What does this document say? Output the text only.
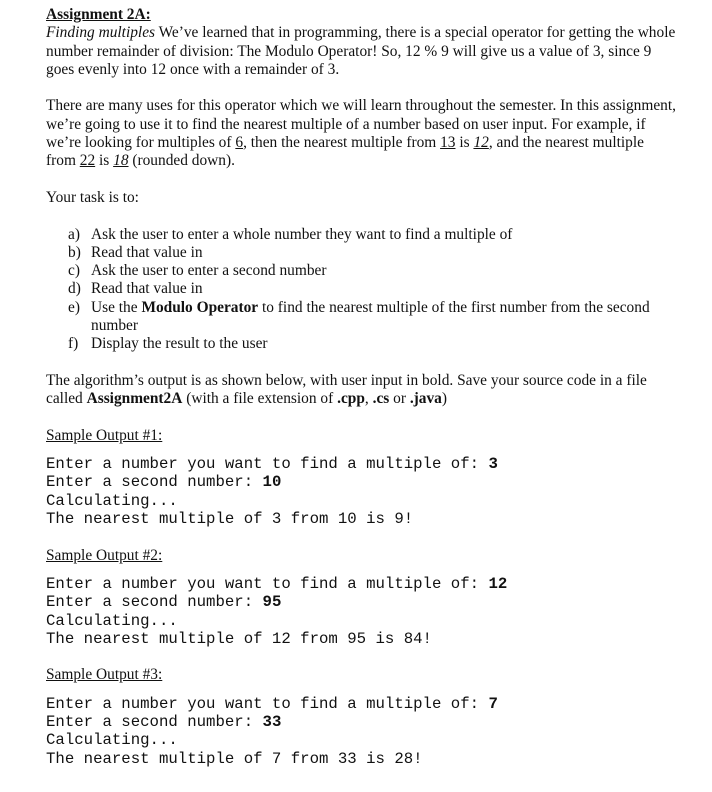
Assignment 2A:

Finding multiples We’ve learned that in programming, there is a special operator for getting the whole number remainder of division: The Modulo Operator! So, 12 % 9 will give us a value of 3, since 9 goes evenly into 12 once with a remainder of 3.

There are many uses for this operator which we will learn throughout the semester. In this assignment, we’re going to use it to find the nearest multiple of a number based on user input. For example, if we’re looking for multiples of 6, then the nearest multiple from 13 is 12, and the nearest multiple from 22 is 18 (rounded down).

Your task is to:

a) Ask the user to enter a whole number they want to find a multiple of
b) Read that value in
c) Ask the user to enter a second number
d) Read that value in
e) Use the Modulo Operator to find the nearest multiple of the first number from the second number
f) Display the result to the user

The algorithm’s output is as shown below, with user input in bold. Save your source code in a file called Assignment2A (with a file extension of .cpp, .cs or .java)

Sample Output #1:

Enter a number you want to find a multiple of: 3
Enter a second number: 10
Calculating...
The nearest multiple of 3 from 10 is 9!

Sample Output #2:

Enter a number you want to find a multiple of: 12
Enter a second number: 95
Calculating...
The nearest multiple of 12 from 95 is 84!

Sample Output #3:

Enter a number you want to find a multiple of: 7
Enter a second number: 33
Calculating...
The nearest multiple of 7 from 33 is 28!
